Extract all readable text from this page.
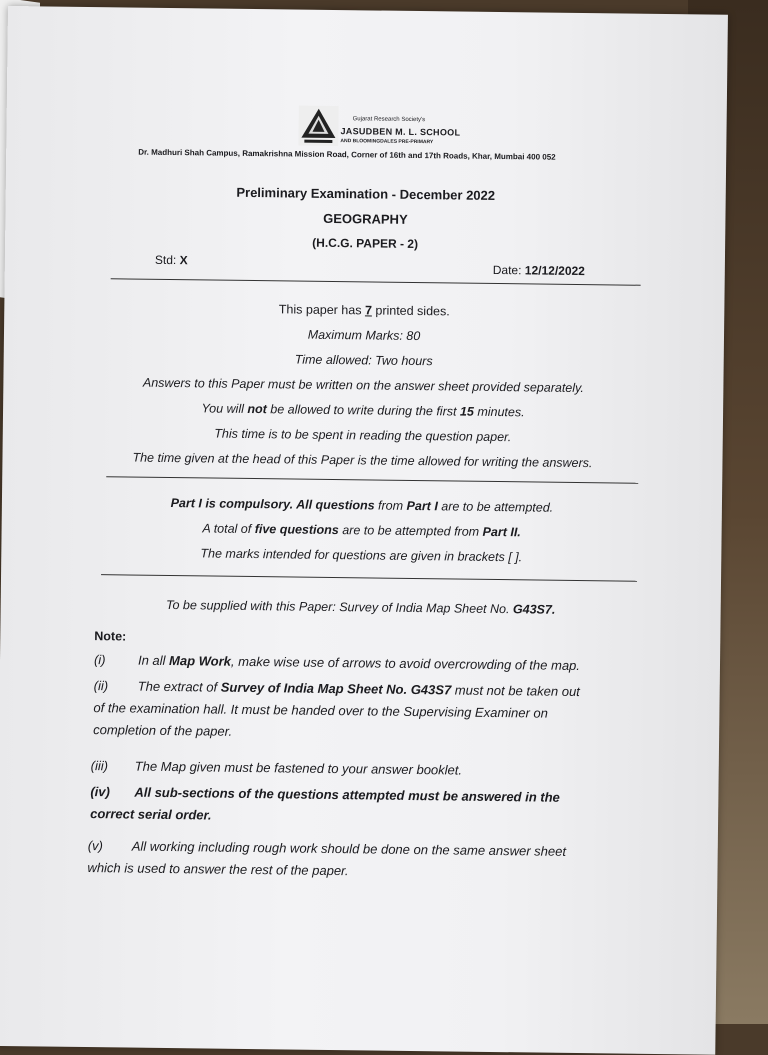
Gujarat Research Society's
JASUDBEN M. L. SCHOOL
AND BLOOMINGDALES PRE-PRIMARY
Dr. Madhuri Shah Campus, Ramakrishna Mission Road, Corner of 16th and 17th Roads, Khar, Mumbai 400 052
Preliminary Examination - December 2022
GEOGRAPHY
(H.C.G. PAPER - 2)
Std: X
Date: 12/12/2022
This paper has 7 printed sides.
Maximum Marks: 80
Time allowed: Two hours
Answers to this Paper must be written on the answer sheet provided separately.
You will not be allowed to write during the first 15 minutes.
This time is to be spent in reading the question paper.
The time given at the head of this Paper is the time allowed for writing the answers.
Part I is compulsory. All questions from Part I are to be attempted.
A total of five questions are to be attempted from Part II.
The marks intended for questions are given in brackets [ ].
To be supplied with this Paper: Survey of India Map Sheet No. G43S7.
Note:
(i) In all Map Work, make wise use of arrows to avoid overcrowding of the map.
(ii) The extract of Survey of India Map Sheet No. G43S7 must not be taken out
of the examination hall. It must be handed over to the Supervising Examiner on
completion of the paper.
(iii) The Map given must be fastened to your answer booklet.
(iv) All sub-sections of the questions attempted must be answered in the
correct serial order.
(v) All working including rough work should be done on the same answer sheet
which is used to answer the rest of the paper.
